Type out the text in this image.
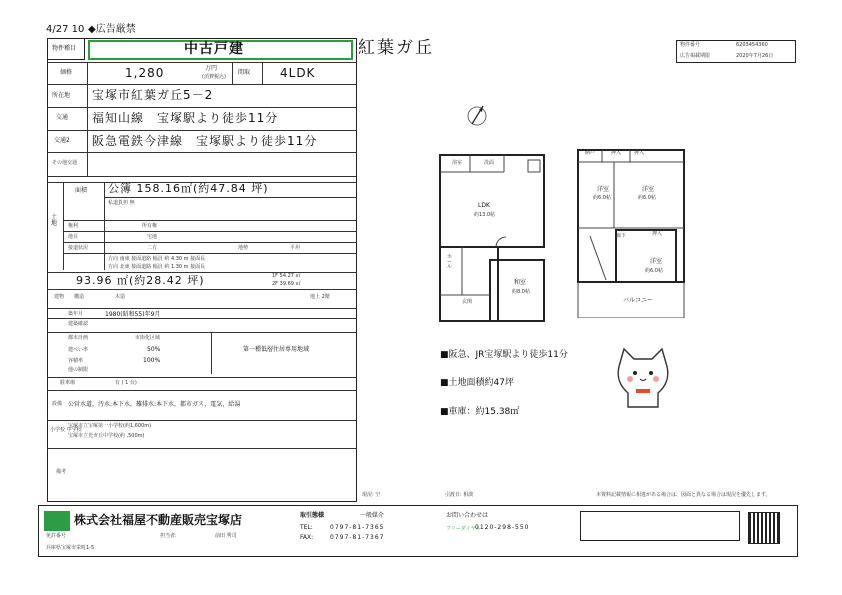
4/27 10 ◆広告厳禁
物件種目	中古戸建	紅葉ガ丘	物件番号	6203454360
広告掲載期限	2020年7月26日
価格	1,280	万円
(消費税込)
間取 4LDK
所在地 宝塚市紅葉ガ丘5－2
交通 福知山線　宝塚駅より徒歩11分
交通2 阪急電鉄今津線　宝塚駅より徒歩11分
その他交通
土地
面積 公簿 158.16㎡(約47.84 坪)
私道負担 無
権利	所有権
地目	宅地
接道状況	二方	地勢	平坦
方向 南東 接面道路 幅員 約 4.30 m 接面長
方向 北東 接面道路 幅員 約 1.30 m 接面長
93.96 ㎡(約28.42 坪)	1F 54.27 ㎡
2F 39.69 ㎡
建物 構造	木造	地上 2階
築年月	1980(昭和55)年9月
建築確認
都市計画	市街化区域
建ぺい率	50%
容積率	100%
第一種低層住居専用地域
他の制限
駐車場	有 ( 1 台)
設備 公営水道，汚水:本下水，雑排水:本下水，都市ガス，電気，給湯
小学校 中学校
宝塚市立宝塚第一小学校(約1,600m)
宝塚市立光ガ丘中学校(約 ,500m)
備考
現況: 空	引渡日: 相談	本資料記載情報に相違がある場合は、図面と異なる場合は現況を優先します。
浴室	洗面
LDK
約13.0帖
ホール
和室
約8.0帖
玄関
押入	押入
納戸
洋室
約6.0帖
洋室
約6.0帖
廊下	押入
洋室
約6.0帖
バルコニー
■阪急、JR宝塚駅より徒歩11分
■土地面積約47坪
■車庫：約15.38㎡
株式会社福屋不動産販売宝塚店
免許番号	担当者:	前田 秀司
兵庫県宝塚市栄町1-5
取引態様	一般媒介
TEL:	0797-81-7365
FAX:	0797-81-7367
お問い合わせは
フリーダイヤル
0120-298-550
